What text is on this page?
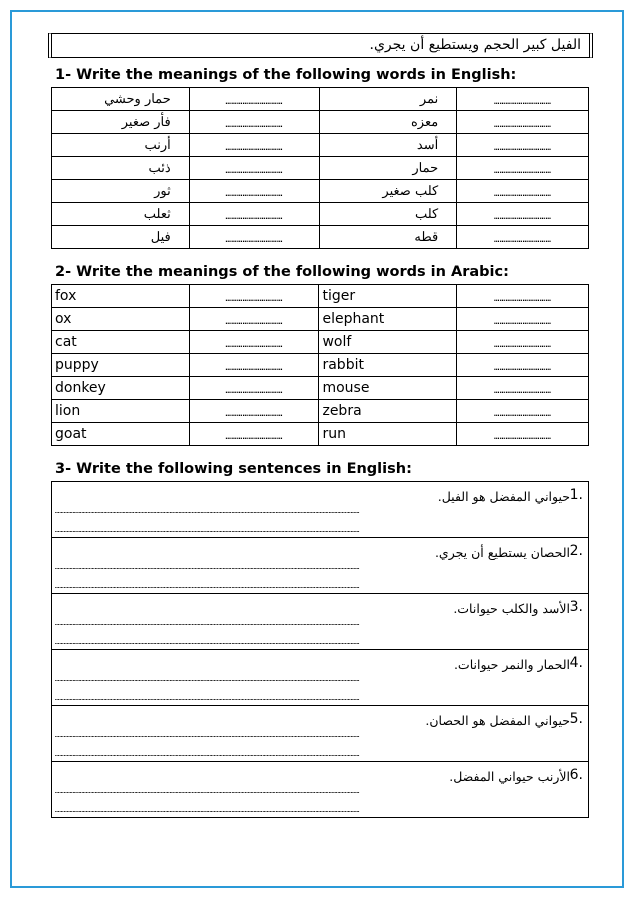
الفيل كبير الحجم ويستطيع أن يجري.
1- Write the meanings of the following words in English:
حمار وحشي	…………………………	نمر	…………………………
فأر صغير	…………………………	معزه	…………………………
أرنب	…………………………	أسد	…………………………
ذئب	…………………………	حمار	…………………………
ثور	…………………………	كلب صغير	…………………………
ثعلب	…………………………	كلب	…………………………
فيل	…………………………	قطه	…………………………
2- Write the meanings of the following words in Arabic:
fox	…………………………	tiger	…………………………
ox	…………………………	elephant	…………………………
cat	…………………………	wolf	…………………………
puppy	…………………………	rabbit	…………………………
donkey	…………………………	mouse	…………………………
lion	…………………………	zebra	…………………………
goat	…………………………	run	…………………………
3- Write the following sentences in English:
1.
حيواني المفضل هو الفيل.
………………………………………………………………………………………………………………………………………………………………………………………
………………………………………………………………………………………………………………………………………………………………………………………
2.
الحصان يستطيع أن يجري.
………………………………………………………………………………………………………………………………………………………………………………………
………………………………………………………………………………………………………………………………………………………………………………………
3.
الأسد والكلب حيوانات.
………………………………………………………………………………………………………………………………………………………………………………………
………………………………………………………………………………………………………………………………………………………………………………………
4.
الحمار والنمر حيوانات.
………………………………………………………………………………………………………………………………………………………………………………………
………………………………………………………………………………………………………………………………………………………………………………………
5.
حيواني المفضل هو الحصان.
………………………………………………………………………………………………………………………………………………………………………………………
………………………………………………………………………………………………………………………………………………………………………………………
6.
الأرنب حيواني المفضل.
………………………………………………………………………………………………………………………………………………………………………………………
………………………………………………………………………………………………………………………………………………………………………………………
